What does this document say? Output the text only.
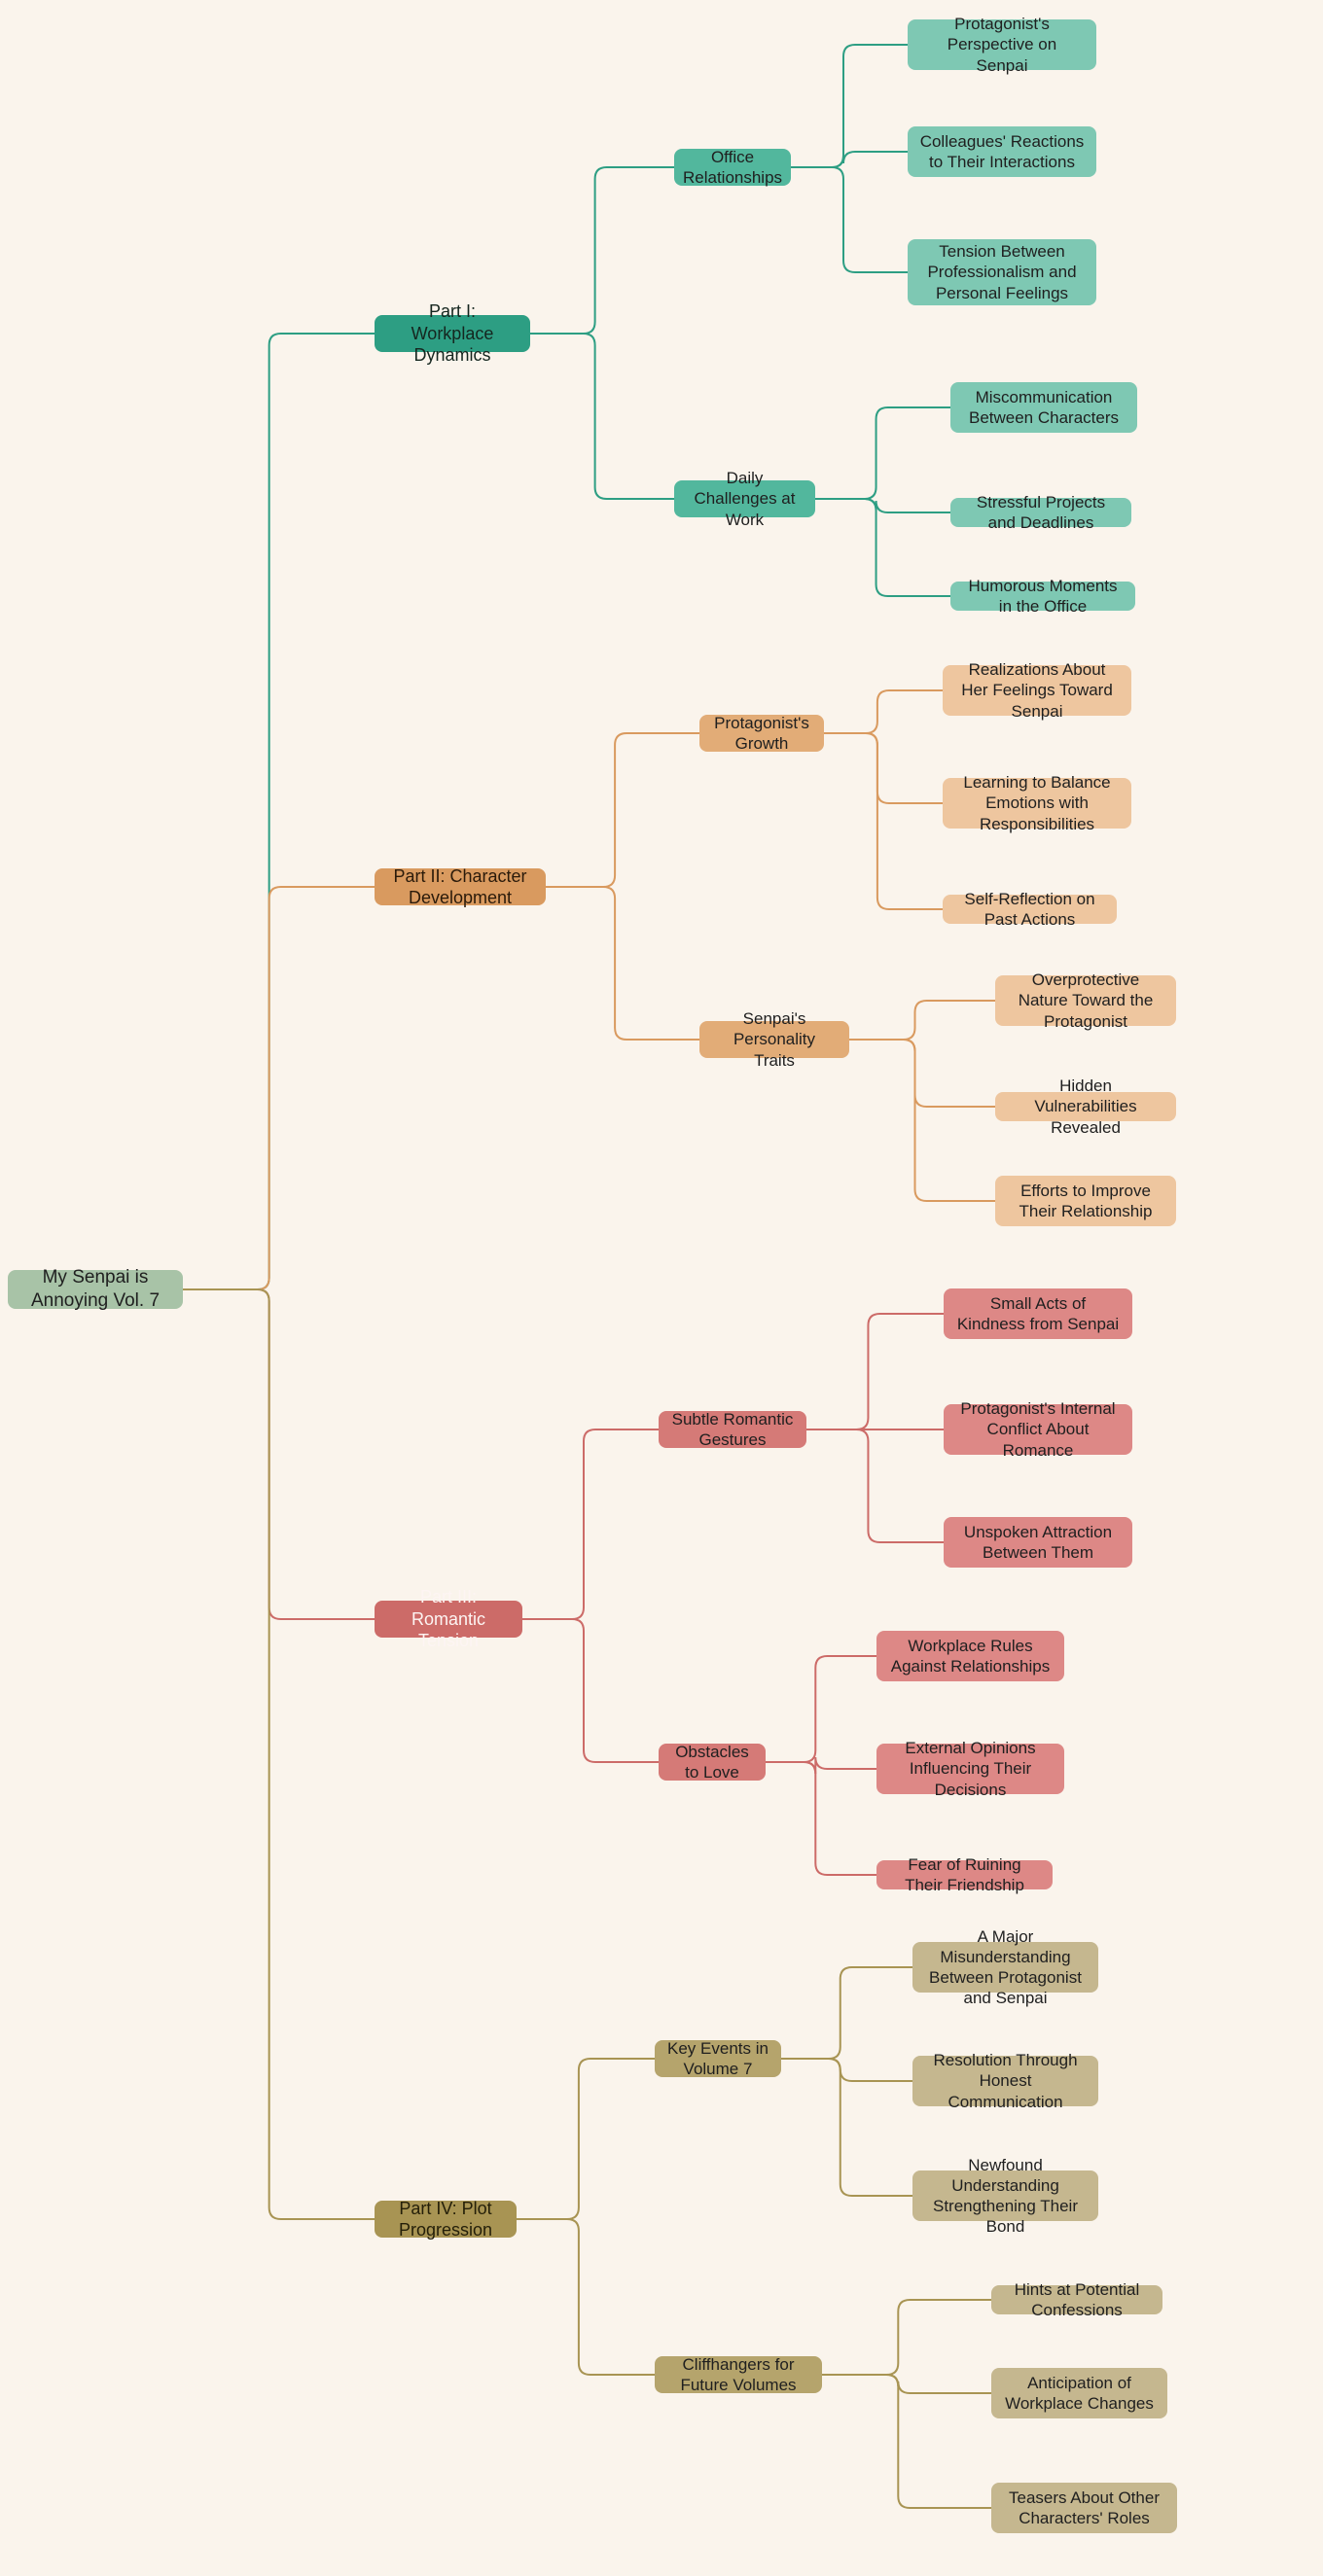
My Senpai is Annoying Vol. 7
Part I: Workplace Dynamics
Office Relationships
Protagonist's Perspective on Senpai
Colleagues' Reactions to Their Interactions
Tension Between Professionalism and Personal Feelings
Daily Challenges at Work
Miscommunication Between Characters
Stressful Projects and Deadlines
Humorous Moments in the Office
Part II: Character Development
Protagonist's Growth
Realizations About Her Feelings Toward Senpai
Learning to Balance Emotions with Responsibilities
Self-Reflection on Past Actions
Senpai's Personality Traits
Overprotective Nature Toward the Protagonist
Hidden Vulnerabilities Revealed
Efforts to Improve Their Relationship
Part III: Romantic Tension
Subtle Romantic Gestures
Small Acts of Kindness from Senpai
Protagonist's Internal Conflict About Romance
Unspoken Attraction Between Them
Obstacles to Love
Workplace Rules Against Relationships
External Opinions Influencing Their Decisions
Fear of Ruining Their Friendship
Part IV: Plot Progression
Key Events in Volume 7
A Major Misunderstanding Between Protagonist and Senpai
Resolution Through Honest Communication
Newfound Understanding Strengthening Their Bond
Cliffhangers for Future Volumes
Hints at Potential Confessions
Anticipation of Workplace Changes
Teasers About Other Characters' Roles
